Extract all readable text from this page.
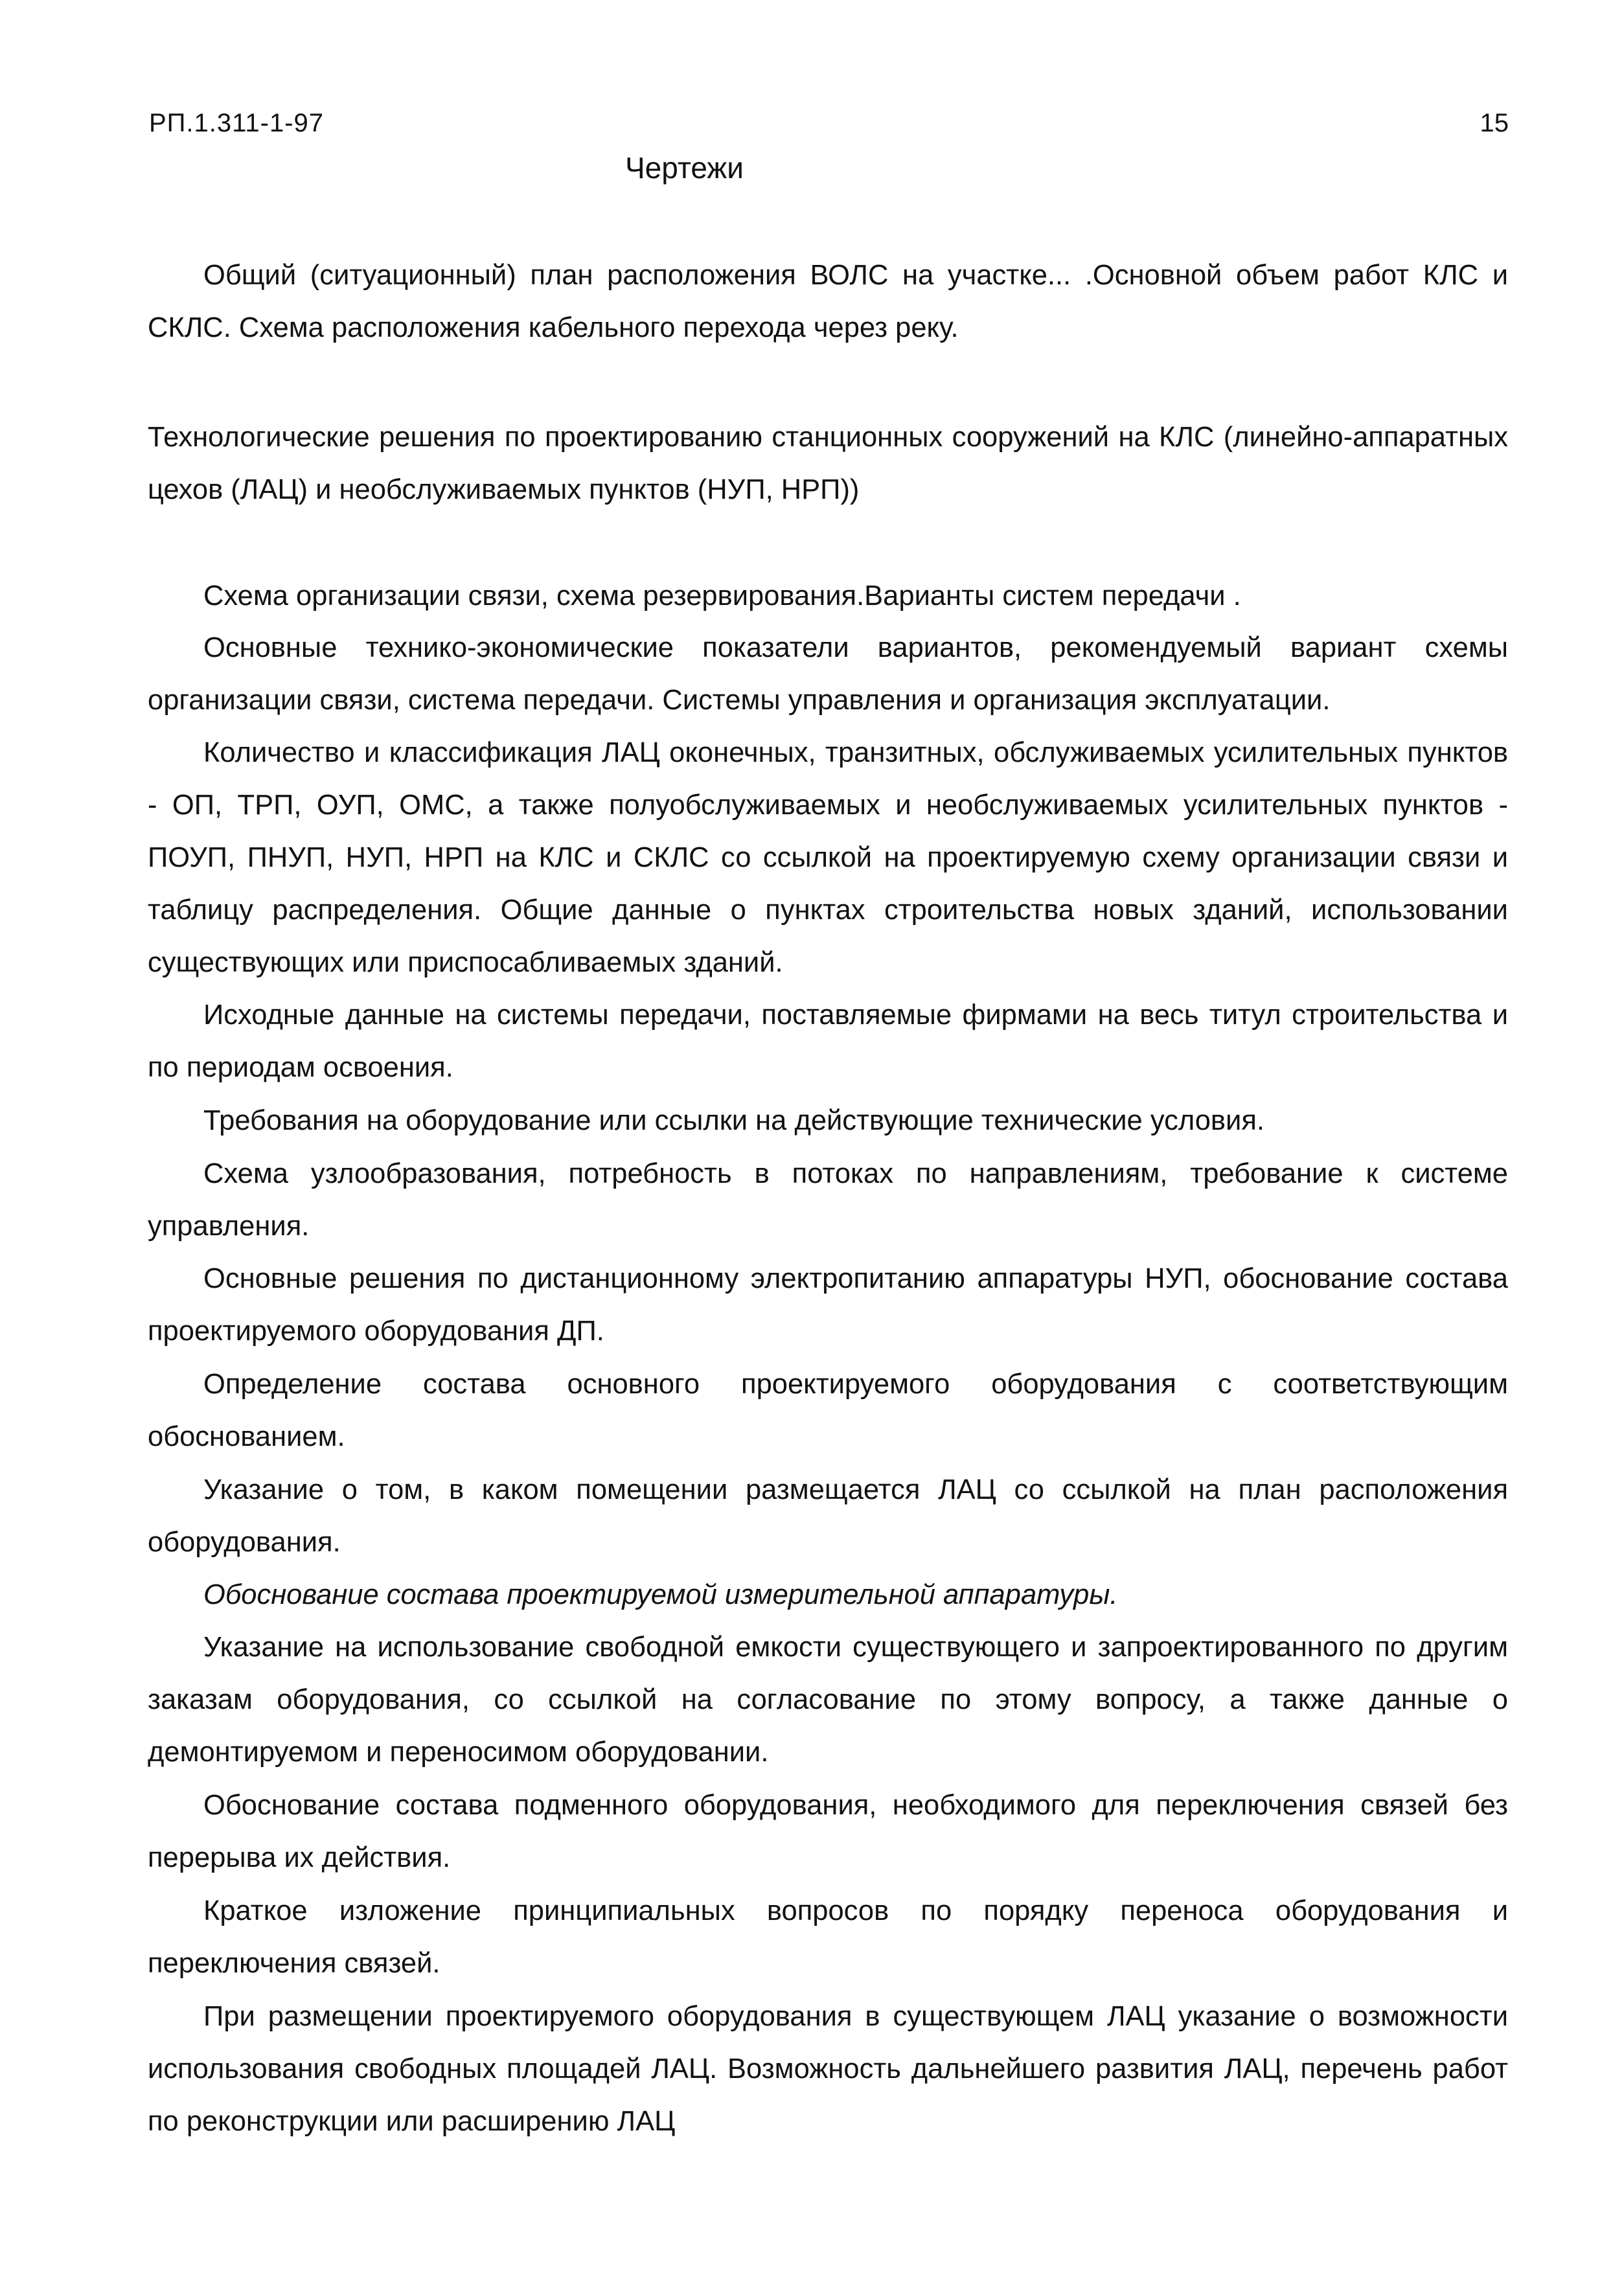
РП.1.311-1-97	15
Чертежи

Общий (ситуационный) план расположения ВОЛС на участке... .Основной объем работ КЛС и СКЛС. Схема расположения кабельного перехода через реку.

Технологические решения по проектированию станционных сооружений на КЛС (линейно-аппаратных цехов (ЛАЦ) и необслуживаемых пунктов (НУП, НРП))

Схема организации связи, схема резервирования.Варианты систем передачи .

Основные технико-экономические показатели вариантов, рекомендуемый вариант схемы организации связи, система передачи. Системы управления и организация эксплуатации.

Количество и классификация ЛАЦ оконечных, транзитных, обслуживаемых усилительных пунктов - ОП, ТРП, ОУП, ОМС, а также полуобслуживаемых и необслуживаемых усилительных пунктов - ПОУП, ПНУП, НУП, НРП на КЛС и СКЛС со ссылкой на проектируемую схему организации связи и таблицу распределения. Общие данные о пунктах строительства новых зданий, использовании существующих или приспосабливаемых зданий.

Исходные данные на системы передачи, поставляемые фирмами на весь титул строительства и по периодам освоения.

Требования на оборудование или ссылки на действующие технические условия.

Схема узлообразования, потребность в потоках по направлениям, требование к системе управления.

Основные решения по дистанционному электропитанию аппаратуры НУП, обоснование состава проектируемого оборудования ДП.

Определение состава основного проектируемого оборудования с соответствующим обоснованием.

Указание о том, в каком помещении размещается ЛАЦ со ссылкой на план расположения оборудования.

Обоснование состава проектируемой измерительной аппаратуры.

Указание на использование свободной емкости существующего и запроектированного по другим заказам оборудования, со ссылкой на согласование по этому вопросу, а также данные о демонтируемом и переносимом оборудовании.

Обоснование состава подменного оборудования, необходимого для переключения связей без перерыва их действия.

Краткое изложение принципиальных вопросов по порядку переноса оборудования и переключения связей.

При размещении проектируемого оборудования в существующем ЛАЦ указание о возможности использования свободных площадей ЛАЦ. Возможность дальнейшего развития ЛАЦ, перечень работ по реконструкции или расширению ЛАЦ
